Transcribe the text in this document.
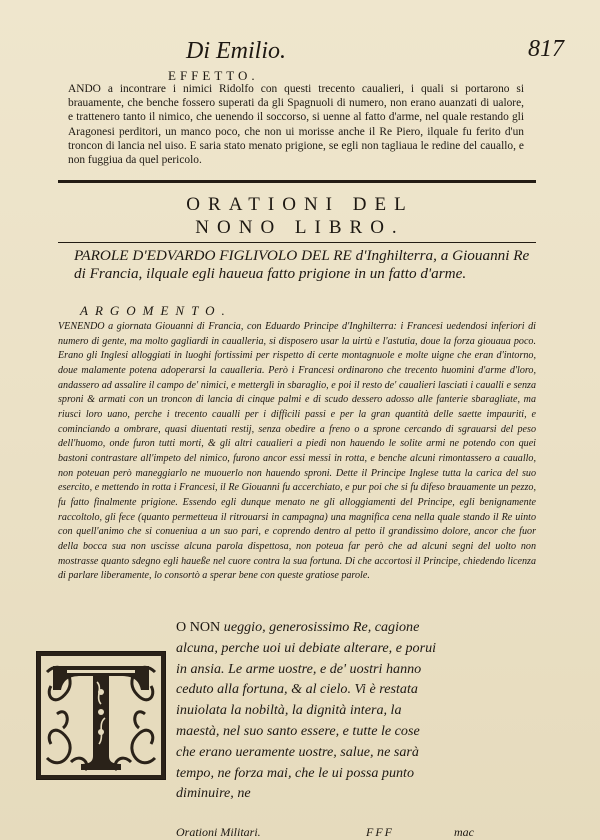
Di Emilio.	817
EFFETTO.
ANDO a incontrare i nimici Ridolfo con questi trecento caualieri, i quali si portarono si brauamente, che benche fossero superati da gli Spagnuoli di numero, non erano auanzati di ualore, e trattenero tanto il nimico, che uenendo il soccorso, si uenne al fatto d'arme, nel quale restando gli Aragonesi perditori, un manco poco, che non ui morisse anche il Re Piero, ilquale fu ferito d'un troncon di lancia nel uiso. E saria stato menato prigione, se egli non tagliaua le redine del cauallo, e non fuggiua da quel pericolo.
ORATIONI DEL
NONO LIBRO.
PAROLE D'EDVARDO FIGLIVOLO DEL RE d'Inghilterra, a Giouanni Re di Francia, ilquale egli haueua fatto prigione in un fatto d'arme.
ARGOMENTO.
VENENDO a giornata Giouanni di Francia, con Eduardo Principe d'Inghilterra: i Francesi uedendosi inferiori di numero di gente, ma molto gagliardi in caualleria, si disposero usar la uirtù e l'astutia, doue la forza giouaua poco. Erano gli Inglesi alloggiati in luoghi fortissimi per rispetto di certe montagnuole e molte uigne che eran d'intorno, doue malamente potena adoperarsi la caualleria. Però i Francesi ordinarono che trecento huomini d'arme d'loro, andassero ad assalire il campo de' nimici, e metterglì in sbaraglio, e poi il resto de' caualieri lasciati i caualli e senza sproni & armati con un troncon di lancia di cinque palmi e di scudo dessero adosso alle fanterie sbaragliate, ma riuscì loro uano, perche i trecento caualli per i difficili passi e per la gran quantità delle saette impauriti, e cominciando a ombrare, quasi diuentati restij, senza obedire a freno o a sprone cercando di sgrauarsi del peso dell'huomo, onde furon tutti morti, & gli altri caualieri a piedi non hauendo le solite armi ne potendo con quei bastoni contrastare all'impeto del nimico, furono ancor essi messi in rotta, e benche alcuni rimontassero a cauallo, non poteuan però maneggiarlo ne muouerlo non hauendo sproni. Dette il Principe Inglese tutta la carica del suo esercito, e mettendo in rotta i Francesi, il Re Giouanni fu accerchiato, e pur poi che si fu difeso brauamente un pezzo, fu fatto finalmente prigione. Essendo egli dunque menato ne gli alloggiamenti del Principe, egli benignamente raccoltolo, gli fece (quanto permetteua il ritrouarsi in campagna) una magnifica cena nella quale stando il Re uinto con quell'animo che si conueniua a un suo pari, e coprendo dentro al petto il grandissimo dolore, ancor che fuor della bocca sua non uscisse alcuna parola dispettosa, non poteua far però che ad alcuni segni del uolto non mostrasse quanto sdegno egli haueße nel cuore contra la sua fortuna. Di che accortosi il Principe, chiedendo licenza di parlare liberamente, lo consortò a sperar bene con queste gratiose parole.
O NON ueggio, generosissimo Re, cagione alcuna, perche uoi ui debiate alterare, e porui in ansia. Le arme uostre, e de' uostri hanno ceduto alla fortuna, & al cielo. Vi è restata inuiolata la nobiltà, la dignità intera, la maestà, nel suo santo essere, e tutte le cose che erano ueramente uostre, salue, ne sarà tempo, ne forza mai, che le ui possa punto diminuire, ne
Orationi Militari.	FFF	mac
